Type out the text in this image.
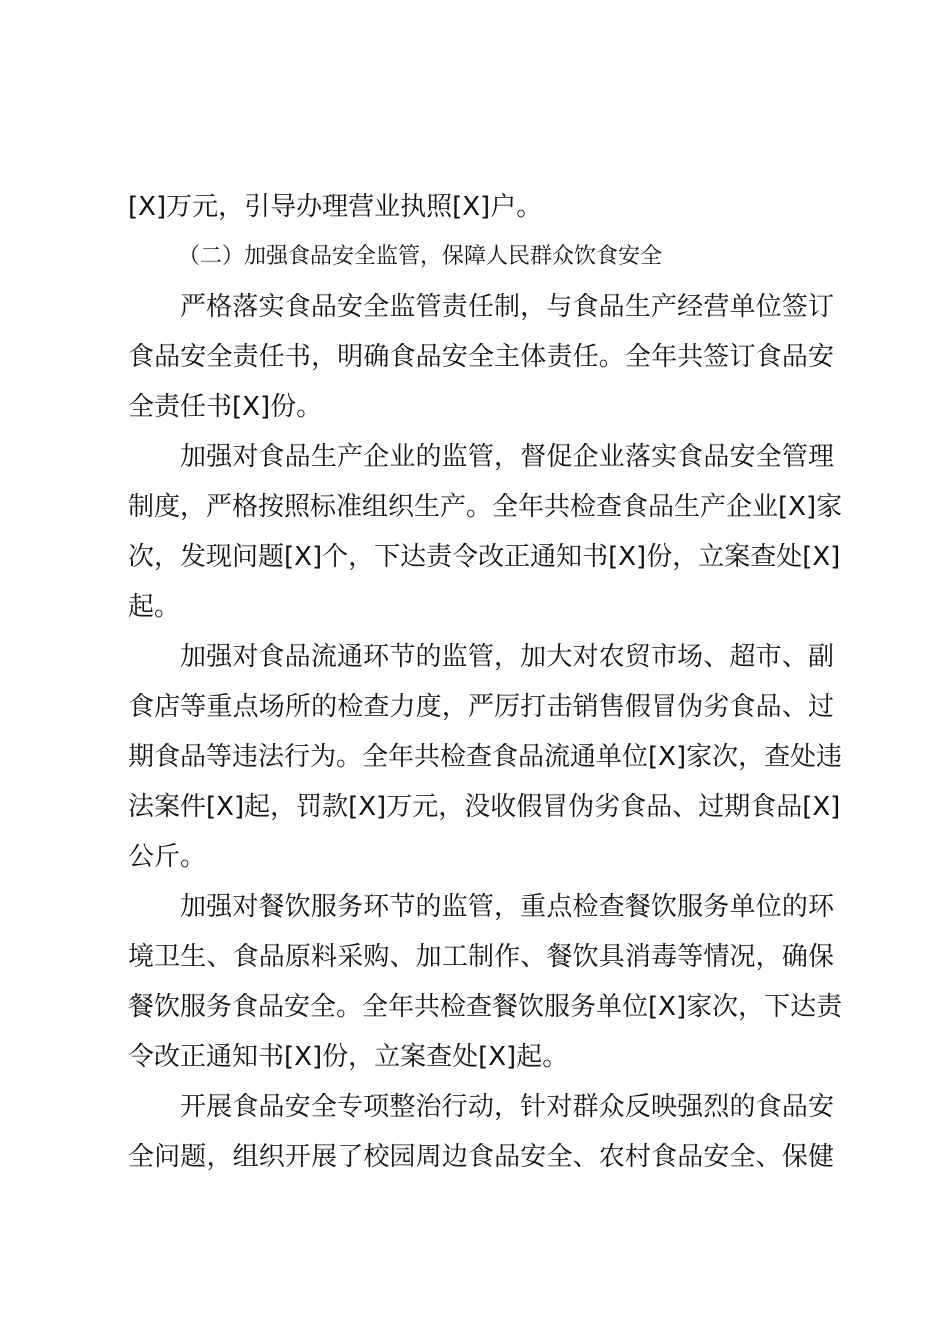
[X]万元，引导办理营业执照[X]户。
（二）加强食品安全监管，保障人民群众饮食安全
严格落实食品安全监管责任制，与食品生产经营单位签订
食品安全责任书，明确食品安全主体责任。全年共签订食品安
全责任书[X]份。
加强对食品生产企业的监管，督促企业落实食品安全管理
制度，严格按照标准组织生产。全年共检查食品生产企业[X]家
次，发现问题[X]个，下达责令改正通知书[X]份，立案查处[X]
起。
加强对食品流通环节的监管，加大对农贸市场、超市、副
食店等重点场所的检查力度，严厉打击销售假冒伪劣食品、过
期食品等违法行为。全年共检查食品流通单位[X]家次，查处违
法案件[X]起，罚款[X]万元，没收假冒伪劣食品、过期食品[X]
公斤。
加强对餐饮服务环节的监管，重点检查餐饮服务单位的环
境卫生、食品原料采购、加工制作、餐饮具消毒等情况，确保
餐饮服务食品安全。全年共检查餐饮服务单位[X]家次，下达责
令改正通知书[X]份，立案查处[X]起。
开展食品安全专项整治行动，针对群众反映强烈的食品安
全问题，组织开展了校园周边食品安全、农村食品安全、保健
